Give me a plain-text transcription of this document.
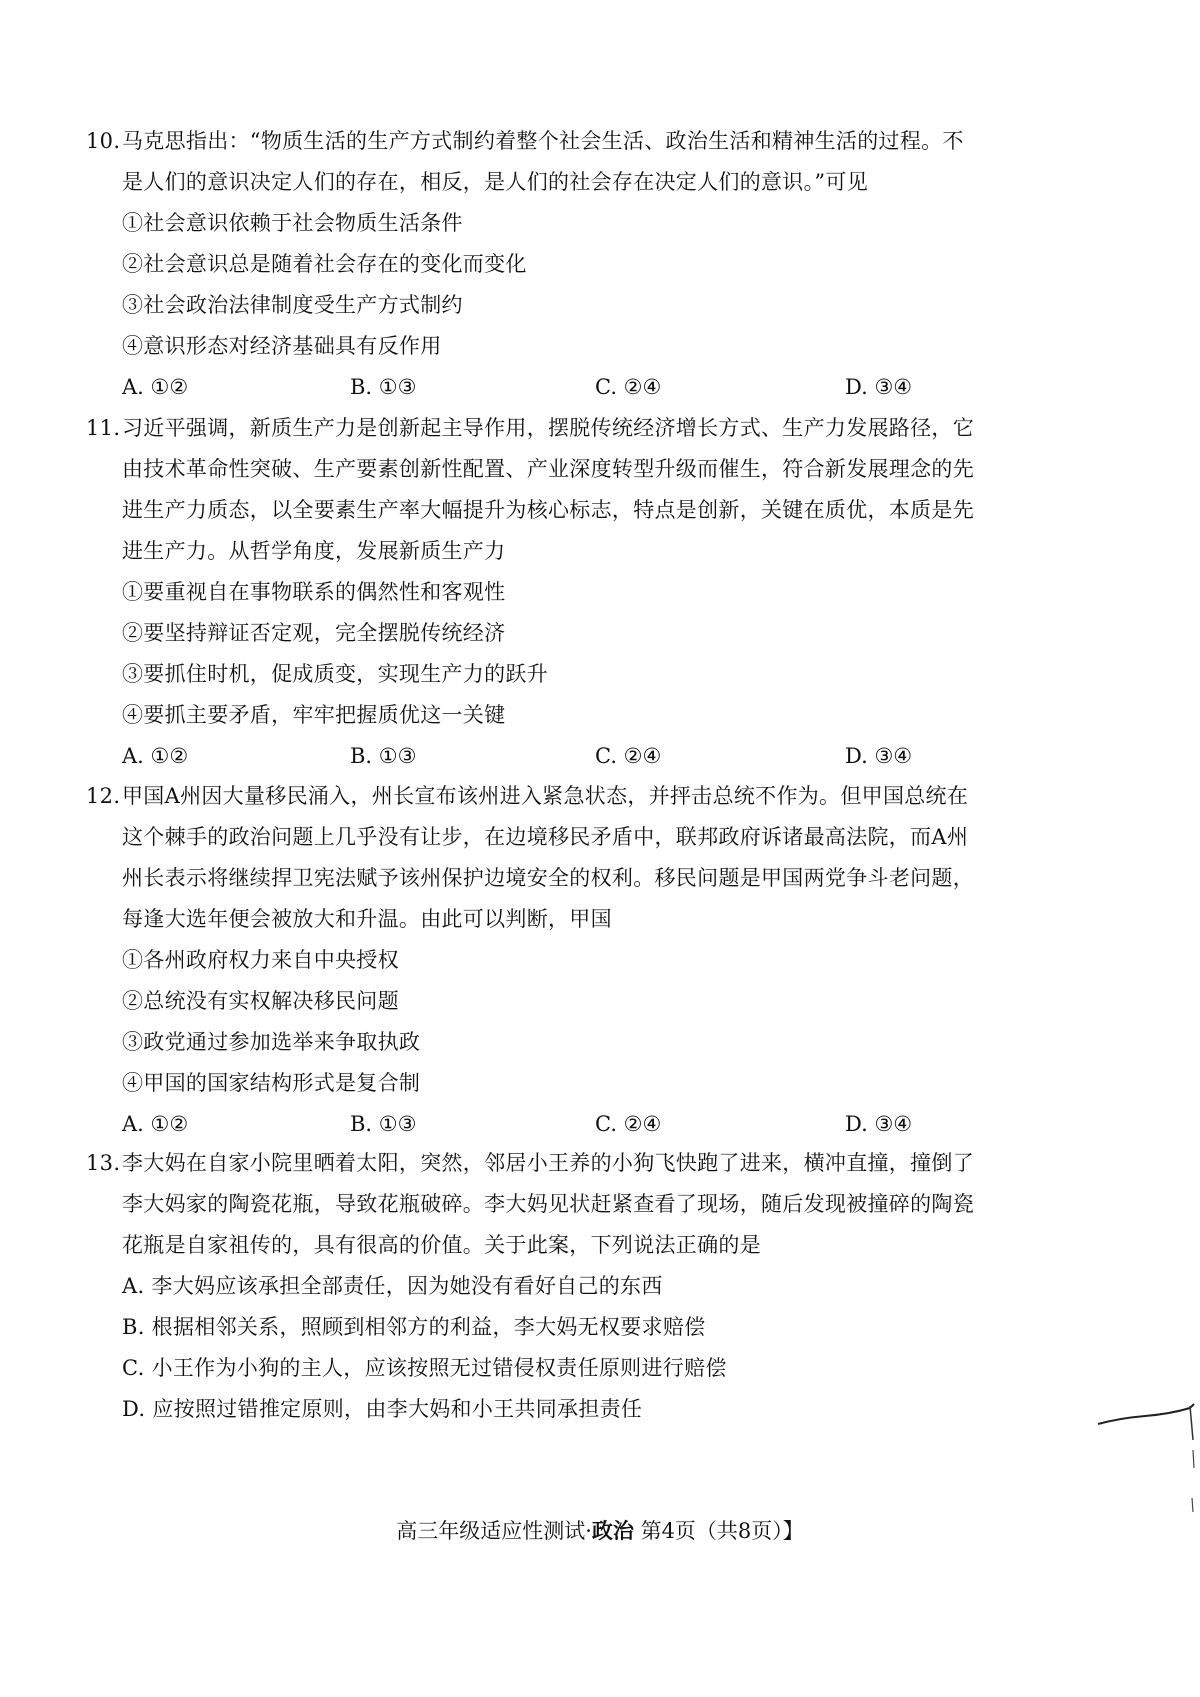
10.马克思指出：“物质生活的生产方式制约着整个社会生活、政治生活和精神生活的过程。不
是人们的意识决定人们的存在，相反，是人们的社会存在决定人们的意识。”可见
①社会意识依赖于社会物质生活条件
②社会意识总是随着社会存在的变化而变化
③社会政治法律制度受生产方式制约
④意识形态对经济基础具有反作用
A. ①②	B. ①③	C. ②④	D. ③④
11.习近平强调，新质生产力是创新起主导作用，摆脱传统经济增长方式、生产力发展路径，它
由技术革命性突破、生产要素创新性配置、产业深度转型升级而催生，符合新发展理念的先
进生产力质态，以全要素生产率大幅提升为核心标志，特点是创新，关键在质优，本质是先
进生产力。从哲学角度，发展新质生产力
①要重视自在事物联系的偶然性和客观性
②要坚持辩证否定观，完全摆脱传统经济
③要抓住时机，促成质变，实现生产力的跃升
④要抓主要矛盾，牢牢把握质优这一关键
A. ①②	B. ①③	C. ②④	D. ③④
12.甲国A州因大量移民涌入，州长宣布该州进入紧急状态，并抨击总统不作为。但甲国总统在
这个棘手的政治问题上几乎没有让步，在边境移民矛盾中，联邦政府诉诸最高法院，而A州
州长表示将继续捍卫宪法赋予该州保护边境安全的权利。移民问题是甲国两党争斗老问题，
每逢大选年便会被放大和升温。由此可以判断，甲国
①各州政府权力来自中央授权
②总统没有实权解决移民问题
③政党通过参加选举来争取执政
④甲国的国家结构形式是复合制
A. ①②	B. ①③	C. ②④	D. ③④
13.李大妈在自家小院里晒着太阳，突然，邻居小王养的小狗飞快跑了进来，横冲直撞，撞倒了
李大妈家的陶瓷花瓶，导致花瓶破碎。李大妈见状赶紧查看了现场，随后发现被撞碎的陶瓷
花瓶是自家祖传的，具有很高的价值。关于此案，下列说法正确的是
A. 李大妈应该承担全部责任，因为她没有看好自己的东西
B. 根据相邻关系，照顾到相邻方的利益，李大妈无权要求赔偿
C. 小王作为小狗的主人，应该按照无过错侵权责任原则进行赔偿
D. 应按照过错推定原则，由李大妈和小王共同承担责任
高三年级适应性测试·政治 第4页（共8页）】
